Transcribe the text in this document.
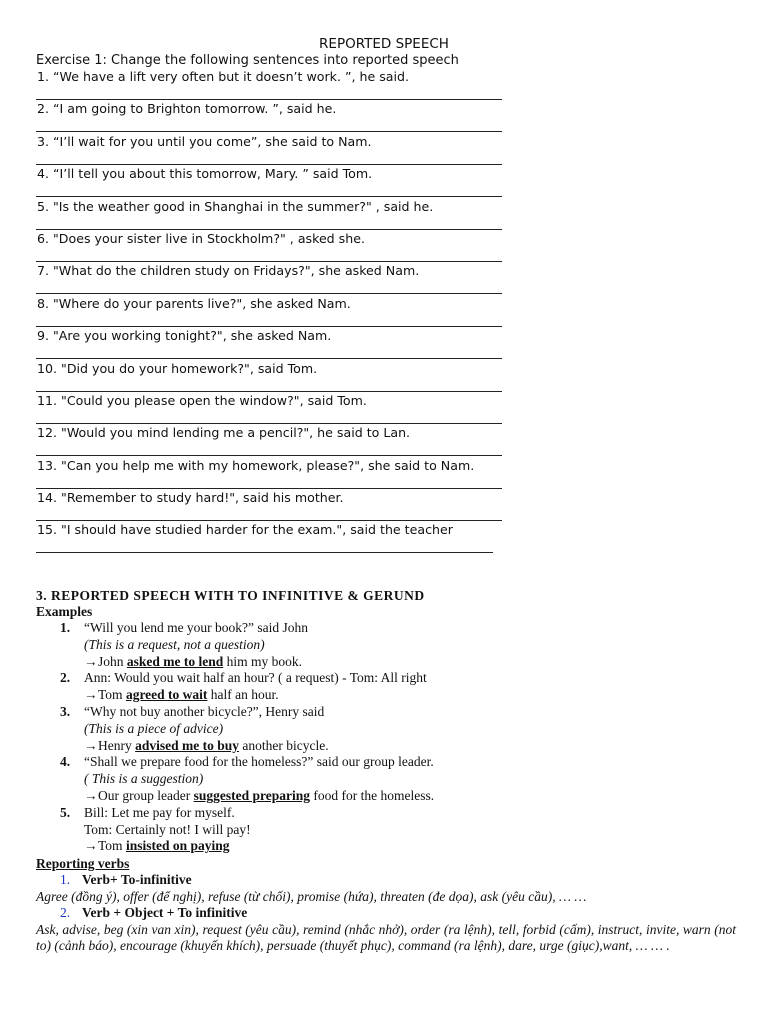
REPORTED SPEECH
Exercise 1: Change the following sentences into reported speech
1. “We have a lift very often but it doesn’t work. ”, he said.
2. “I am going to Brighton tomorrow. ”, said he.
3. “I’ll wait for you until you come”, she said to Nam.
4. “I’ll tell you about this tomorrow, Mary. ” said Tom.
5. "Is the weather good in Shanghai in the summer?" , said he.
6. "Does your sister live in Stockholm?" , asked she.
7. "What do the children study on Fridays?", she asked Nam.
8. "Where do your parents live?", she asked Nam.
9. "Are you working tonight?", she asked Nam.
10. "Did you do your homework?", said Tom.
11. "Could you please open the window?", said Tom.
12. "Would you mind lending me a pencil?", he said to Lan.
13. "Can you help me with my homework, please?", she said to Nam.
14. "Remember to study hard!", said his mother.
15. "I should have studied harder for the exam.", said the teacher
3. REPORTED SPEECH WITH TO INFINITIVE & GERUND
Examples
1.	“Will you lend me your book?” said John
(This is a request, not a question)
→John asked me to lend him my book.
2.	Ann: Would you wait half an hour? ( a request) - Tom: All right
→Tom agreed to wait half an hour.
3.	“Why not buy another bicycle?”, Henry said
(This is a piece of advice)
→Henry advised me to buy another bicycle.
4.	“Shall we prepare food for the homeless?” said our group leader.
( This is a suggestion)
→Our group leader suggested preparing food for the homeless.
5.	Bill: Let me pay for myself.
Tom: Certainly not! I will pay!
→Tom insisted on paying
Reporting verbs
1. Verb+ To-infinitive
Agree (đồng ý), offer (để nghị), refuse (từ chối), promise (hứa), threaten (đe dọa), ask (yêu cầu), … …
2. Verb + Object + To infinitive
Ask, advise, beg (xin van xin), request (yêu cầu), remind (nhắc nhở), order (ra lệnh), tell, forbid (cấm), instruct, invite, warn (not to) (cảnh báo), encourage (khuyến khích), persuade (thuyết phục), command (ra lệnh), dare, urge (giục),want, … … .
